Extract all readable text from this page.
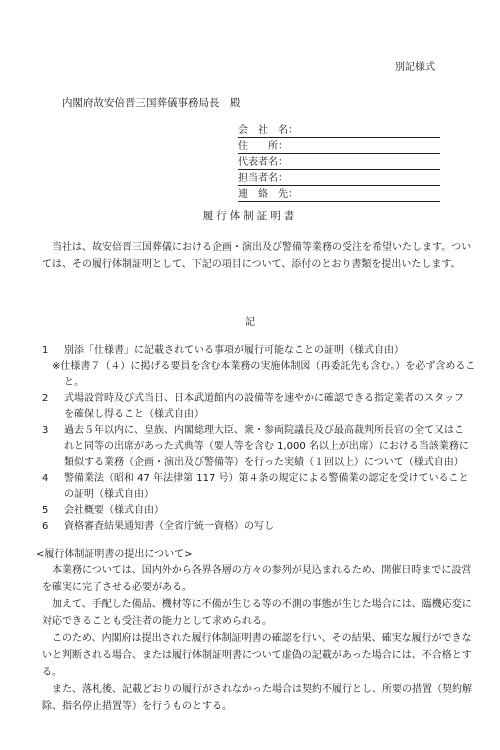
別記様式
内閣府故安倍晋三国葬儀事務局長　殿
会　社　名：
住　　所：
代表者名：
担当者名：
連　絡　先：
履行体制証明書
当社は、故安倍晋三国葬儀における企画・演出及び警備等業務の受注を希望いたします。ついては、その履行体制証明として、下記の項目について、添付のとおり書類を提出いたします。
記
1 別添「仕様書」に記載されている事項が履行可能なことの証明（様式自由）
※仕様書７（４）に掲げる要員を含む本業務の実施体制図（再委託先も含む。）を必ず含めること。
2 式場設営時及び式当日、日本武道館内の設備等を速やかに確認できる指定業者のスタッフを確保し得ること（様式自由）
3 過去５年以内に、皇族、内閣総理大臣、衆・参両院議長及び最高裁判所長官の全て又はこれと同等の出席があった式典等（要人等を含む 1,000 名以上が出席）における当該業務に類似する業務（企画・演出及び警備等）を行った実績（１回以上）について（様式自由）
4 警備業法（昭和 47 年法律第 117 号）第４条の規定による警備業の認定を受けていることの証明（様式自由）
5 会社概要（様式自由）
6 資格審査結果通知書（全省庁統一資格）の写し
<履行体制証明書の提出について>
本業務については、国内外から各界各層の方々の参列が見込まれるため、開催日時までに設営を確実に完了させる必要がある。
加えて、手配した備品、機材等に不備が生じる等の不測の事態が生じた場合には、臨機応変に対応できることも受注者の能力として求められる。
このため、内閣府は提出された履行体制証明書の確認を行い、その結果、確実な履行ができないと判断される場合、または履行体制証明書について虚偽の記載があった場合には、不合格とする。
また、落札後、記載どおりの履行がされなかった場合は契約不履行とし、所要の措置（契約解除、指名停止措置等）を行うものとする。
